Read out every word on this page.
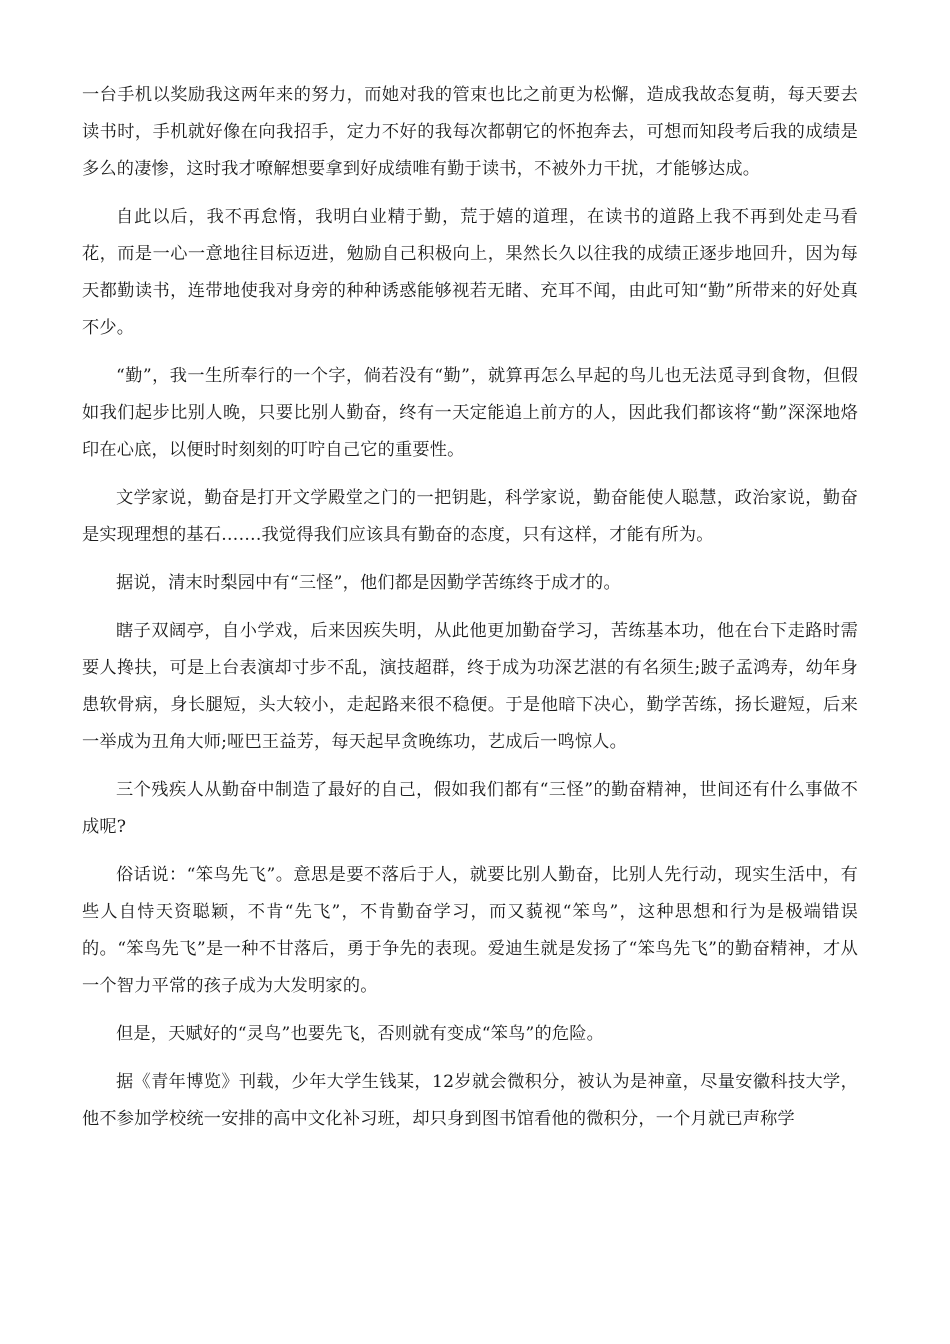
一台手机以奖励我这两年来的努力，而她对我的管束也比之前更为松懈，造成我故态复萌，每天要去读书时，手机就好像在向我招手，定力不好的我每次都朝它的怀抱奔去，可想而知段考后我的成绩是多么的凄惨，这时我才嘹解想要拿到好成绩唯有勤于读书，不被外力干扰，才能够达成。

自此以后，我不再怠惰，我明白业精于勤，荒于嬉的道理，在读书的道路上我不再到处走马看花，而是一心一意地往目标迈进，勉励自己积极向上，果然长久以往我的成绩正逐步地回升，因为每天都勤读书，连带地使我对身旁的种种诱惑能够视若无睹、充耳不闻，由此可知“勤”所带来的好处真不少。

“勤”，我一生所奉行的一个字，倘若没有“勤”，就算再怎么早起的鸟儿也无法觅寻到食物，但假如我们起步比别人晚，只要比别人勤奋，终有一天定能追上前方的人，因此我们都该将“勤”深深地烙印在心底，以便时时刻刻的叮咛自己它的重要性。

文学家说，勤奋是打开文学殿堂之门的一把钥匙，科学家说，勤奋能使人聪慧，政治家说，勤奋是实现理想的基石…….我觉得我们应该具有勤奋的态度，只有这样，才能有所为。

据说，清末时梨园中有“三怪”，他们都是因勤学苦练终于成才的。

瞎子双阔亭，自小学戏，后来因疾失明，从此他更加勤奋学习，苦练基本功，他在台下走路时需要人搀扶，可是上台表演却寸步不乱，演技超群，终于成为功深艺湛的有名须生;跛子孟鸿寿，幼年身患软骨病，身长腿短，头大较小，走起路来很不稳便。于是他暗下决心，勤学苦练，扬长避短，后来一举成为丑角大师;哑巴王益芳，每天起早贪晚练功，艺成后一鸣惊人。

三个残疾人从勤奋中制造了最好的自己，假如我们都有“三怪”的勤奋精神，世间还有什么事做不成呢?

俗话说：“笨鸟先飞”。意思是要不落后于人，就要比别人勤奋，比别人先行动，现实生活中，有些人自恃天资聪颖，不肯“先飞”，不肯勤奋学习，而又藐视“笨鸟”，这种思想和行为是极端错误的。“笨鸟先飞”是一种不甘落后，勇于争先的表现。爱迪生就是发扬了“笨鸟先飞”的勤奋精神，才从一个智力平常的孩子成为大发明家的。

但是，天赋好的“灵鸟”也要先飞，否则就有变成“笨鸟”的危险。

据《青年博览》刊载，少年大学生钱某，12岁就会微积分，被认为是神童，尽量安徽科技大学，他不参加学校统一安排的高中文化补习班，却只身到图书馆看他的微积分，一个月就已声称学
